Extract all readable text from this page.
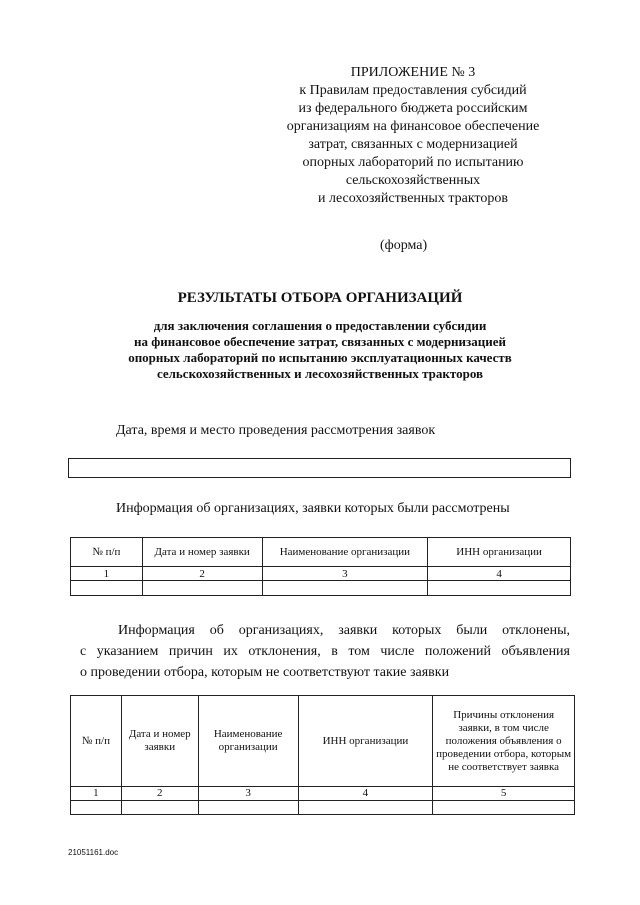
ПРИЛОЖЕНИЕ № 3
к Правилам предоставления субсидий
из федерального бюджета российским
организациям на финансовое обеспечение
затрат, связанных с модернизацией
опорных лабораторий по испытанию
сельскохозяйственных
и лесохозяйственных тракторов
(форма)
РЕЗУЛЬТАТЫ ОТБОРА ОРГАНИЗАЦИЙ
для заключения соглашения о предоставлении субсидии
на финансовое обеспечение затрат, связанных с модернизацией
опорных лабораторий по испытанию эксплуатационных качеств
сельскохозяйственных и лесохозяйственных тракторов
Дата, время и место проведения рассмотрения заявок
Информация об организациях, заявки которых были рассмотрены
№ п/п	Дата и номер заявки	Наименование организации	ИНН организации
1	2	3	4

Информация об организациях, заявки которых были отклонены,
с указанием причин их отклонения, в том числе положений объявления
о проведении отбора, которым не соответствуют такие заявки
№ п/п	Дата и номер заявки	Наименование организации	ИНН организации	Причины отклонения заявки, в том числе положения объявления о проведении отбора, которым не соответствует заявка
1	2	3	4	5

21051161.doc
